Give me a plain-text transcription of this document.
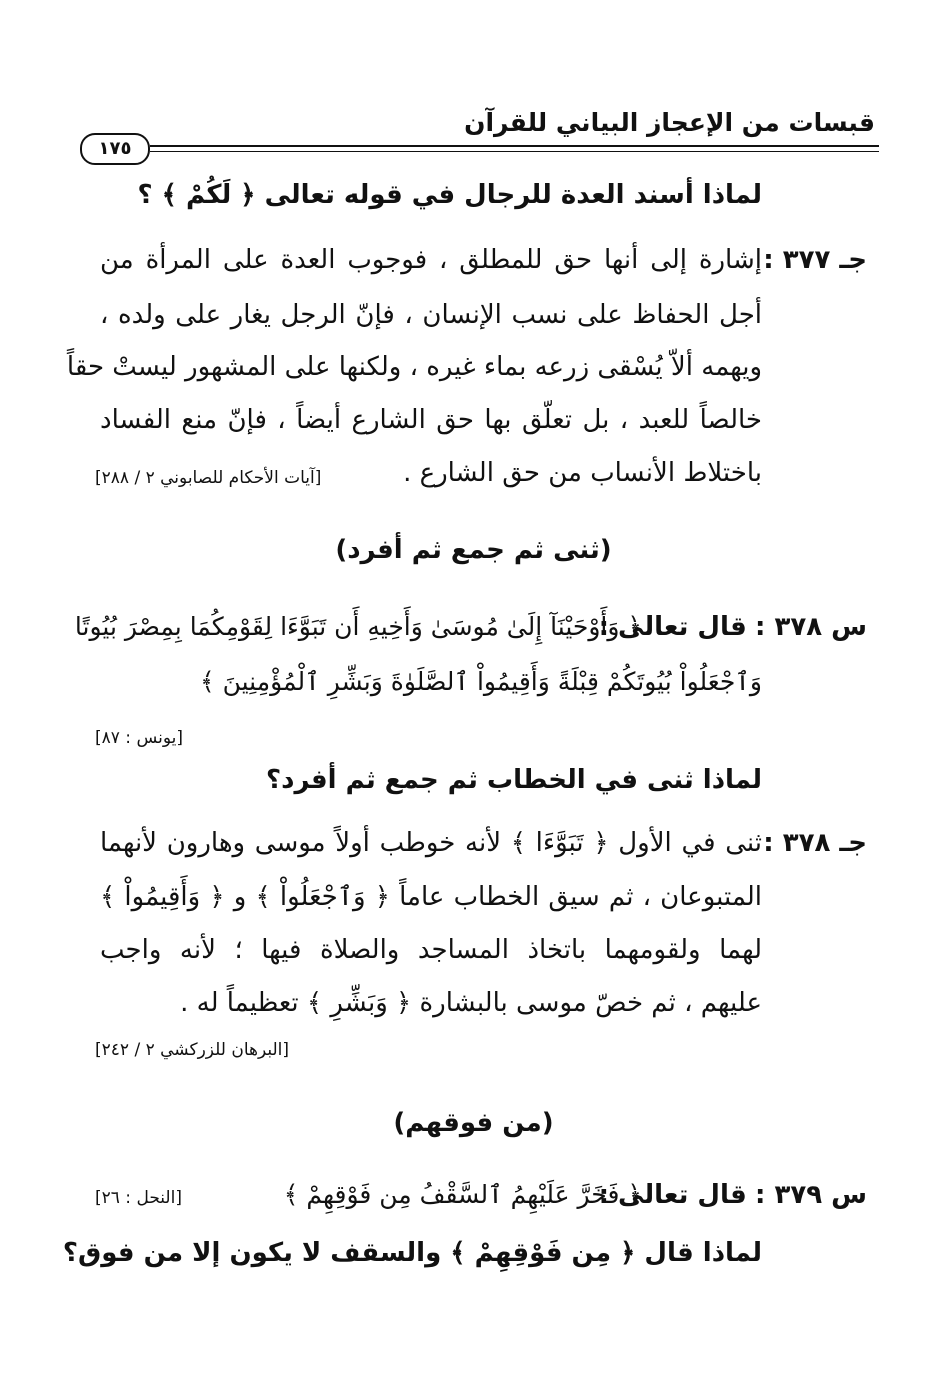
قبسات من الإعجاز البياني للقرآن
١٧٥
لماذا أسند العدة للرجال في قوله تعالى ﴿ لَكُمْ ﴾ ؟
جـ ٣٧٧ :
إشارة إلى أنها حق للمطلق ، فوجوب العدة على المرأة من
أجل الحفاظ على نسب الإنسان ، فإنّ الرجل يغار على ولده ،
ويهمه ألاّ يُسْقى زرعه بماء غيره ، ولكنها على المشهور ليستْ حقاً
خالصاً للعبد ، بل تعلّق بها حق الشارع أيضاً ، فإنّ منع الفساد
باختلاط الأنساب من حق الشارع .
[آيات الأحكام للصابوني ٢ / ٢٨٨]
(ثنى ثم جمع ثم أفرد)
س ٣٧٨ : قال تعالى :
﴿ وَأَوْحَيْنَآ إِلَىٰ مُوسَىٰ وَأَخِيهِ أَن تَبَوَّءَا لِقَوْمِكُمَا بِمِصْرَ بُيُوتًا
وَٱجْعَلُواْ بُيُوتَكُمْ قِبْلَةً وَأَقِيمُواْ ٱلصَّلَوٰةَ وَبَشِّرِ ٱلْمُؤْمِنِينَ ﴾
[يونس : ٨٧]
لماذا ثنى في الخطاب ثم جمع ثم أفرد؟
جـ ٣٧٨ :
ثنى في الأول ﴿ تَبَوَّءَا ﴾ لأنه خوطب أولاً موسى وهارون لأنهما
المتبوعان ، ثم سيق الخطاب عاماً ﴿ وَٱجْعَلُواْ ﴾ و ﴿ وَأَقِيمُواْ ﴾
لهما ولقومهما باتخاذ المساجد والصلاة فيها ؛ لأنه واجب
عليهم ، ثم خصّ موسى بالبشارة ﴿ وَبَشِّرِ ﴾ تعظيماً له .
[البرهان للزركشي ٢ / ٢٤٢]
(من فوقهم)
س ٣٧٩ : قال تعالى :
﴿ فَخَرَّ عَلَيْهِمُ ٱلسَّقْفُ مِن فَوْقِهِمْ ﴾
[النحل : ٢٦]
لماذا قال ﴿ مِن فَوْقِهِمْ ﴾ والسقف لا يكون إلا من فوق؟
